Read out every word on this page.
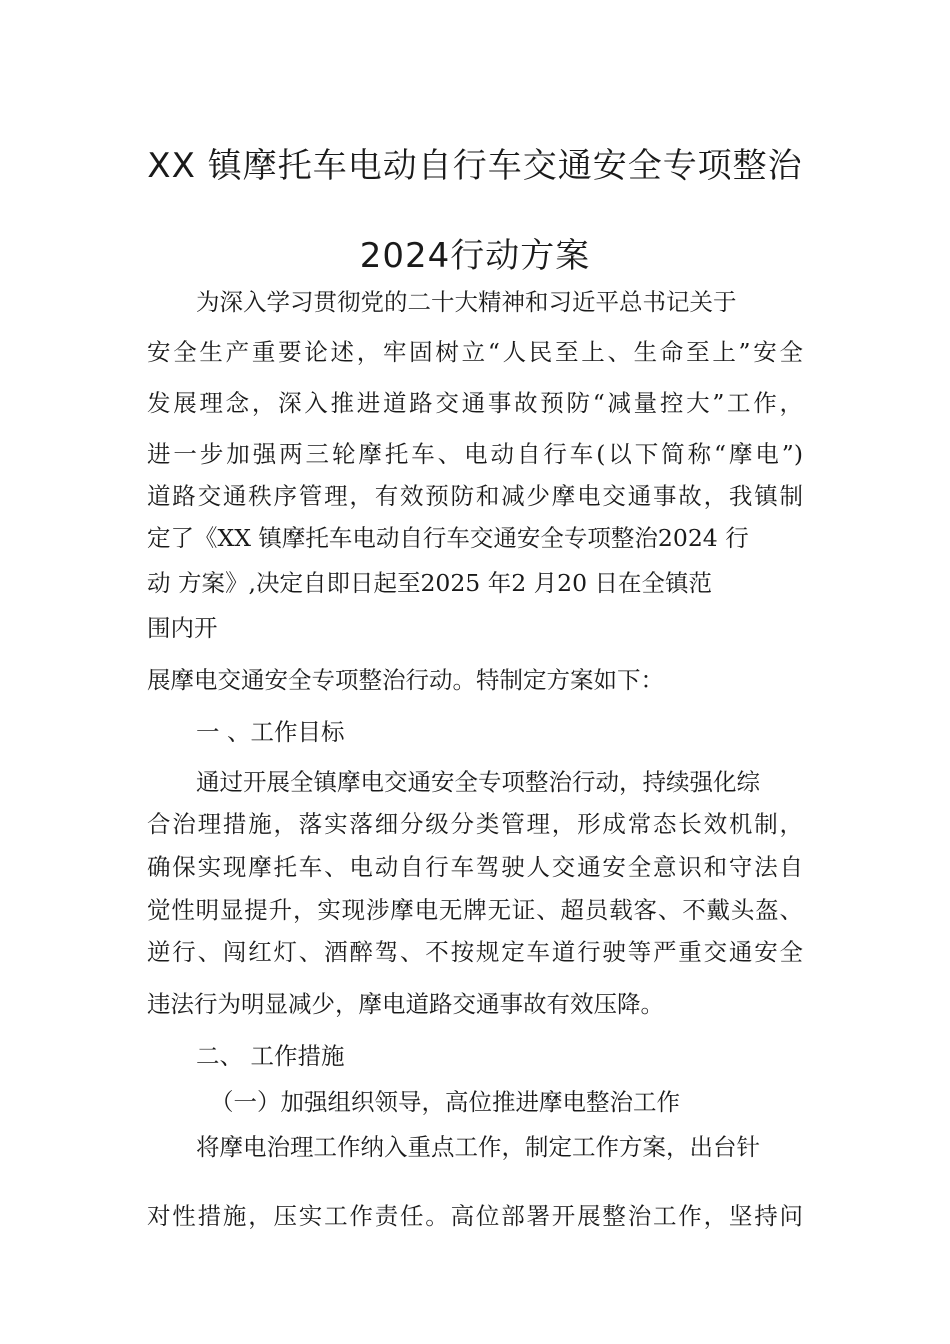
XX 镇摩托车电动自行车交通安全专项整治
2024行动方案

为深入学习贯彻党的二十大精神和习近平总书记关于

安全生产重要论述，牢固树立“人民至上、生命至上”安全

发展理念，深入推进道路交通事故预防“减量控大”工作，

进一步加强两三轮摩托车、电动自行车(以下简称“摩电”)

道路交通秩序管理，有效预防和减少摩电交通事故，我镇制

定了《XX 镇摩托车电动自行车交通安全专项整治2024 行

动 方案》,决定自即日起至2025 年2 月20 日在全镇范

围内开

展摩电交通安全专项整治行动。特制定方案如下：

一 、工作目标

通过开展全镇摩电交通安全专项整治行动，持续强化综

合治理措施，落实落细分级分类管理，形成常态长效机制，

确保实现摩托车、电动自行车驾驶人交通安全意识和守法自

觉性明显提升，实现涉摩电无牌无证、超员载客、不戴头盔、

逆行、闯红灯、酒醉驾、不按规定车道行驶等严重交通安全

违法行为明显减少，摩电道路交通事故有效压降。

二、 工作措施

（一）加强组织领导，高位推进摩电整治工作

将摩电治理工作纳入重点工作，制定工作方案，出台针

对性措施，压实工作责任。高位部署开展整治工作，坚持问
